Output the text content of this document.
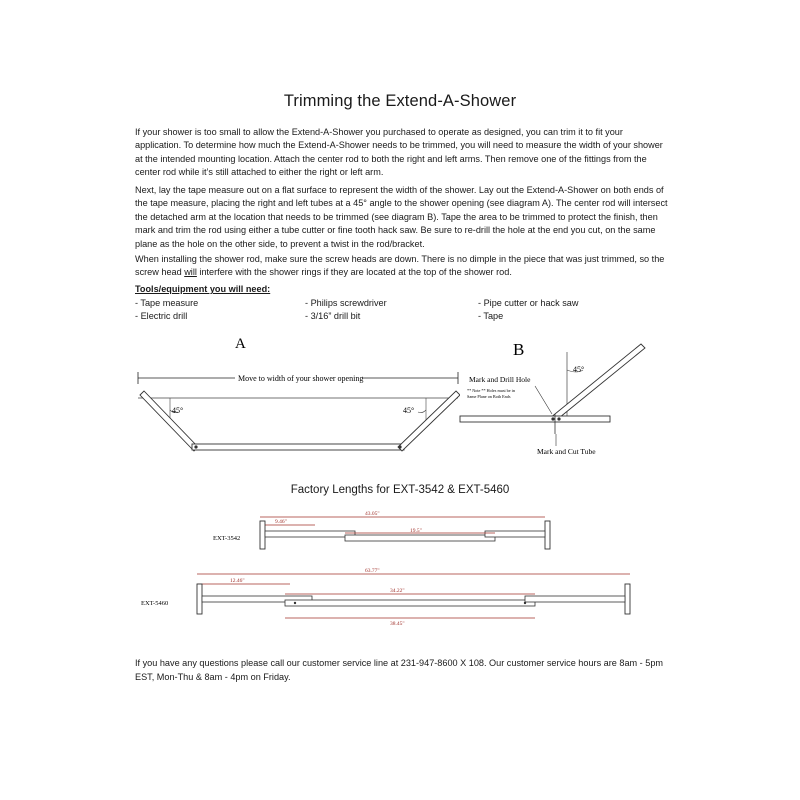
Trimming the Extend-A-Shower

If your shower is too small to allow the Extend-A-Shower you purchased to operate as designed, you can trim it to fit your application. To determine how much the Extend-A-Shower needs to be trimmed, you will need to measure the width of your shower at the intended mounting location. Attach the center rod to both the right and left arms. Then remove one of the fittings from the center rod while it’s still attached to either the right or left arm.

Next, lay the tape measure out on a flat surface to represent the width of the shower. Lay out the Extend-A-Shower on both ends of the tape measure, placing the right and left tubes at a 45° angle to the shower opening (see diagram A). The center rod will intersect the detached arm at the location that needs to be trimmed (see diagram B). Tape the area to be trimmed to protect the finish, then mark and trim the rod using either a tube cutter or fine tooth hack saw. Be sure to re-drill the hole at the end you cut, on the same plane as the hole on the other side, to prevent a twist in the rod/bracket.

When installing the shower rod, make sure the screw heads are down. There is no dimple in the piece that was just trimmed, so the screw head will interfere with the shower rings if they are located at the top of the shower rod.

Tools/equipment you will need:
- Tape measure
- Electric drill
- Philips screwdriver
- 3/16” drill bit
- Pipe cutter or hack saw
- Tape
A
Move to width of your shower opening
45°	45°
B
45°
Mark and Drill Hole
** Note ** Holes must be in
Same Plane on Both Ends
Mark and Cut Tube
Factory Lengths for EXT-3542 & EXT-5460
EXT-3542
43.05"
9.46"
19.5"
EXT-5460
63.77"
12.46"
34.22"
38.45"

If you have any questions please call our customer service line at 231-947-8600 X 108. Our customer service hours are 8am - 5pm EST, Mon-Thu & 8am - 4pm on Friday.
